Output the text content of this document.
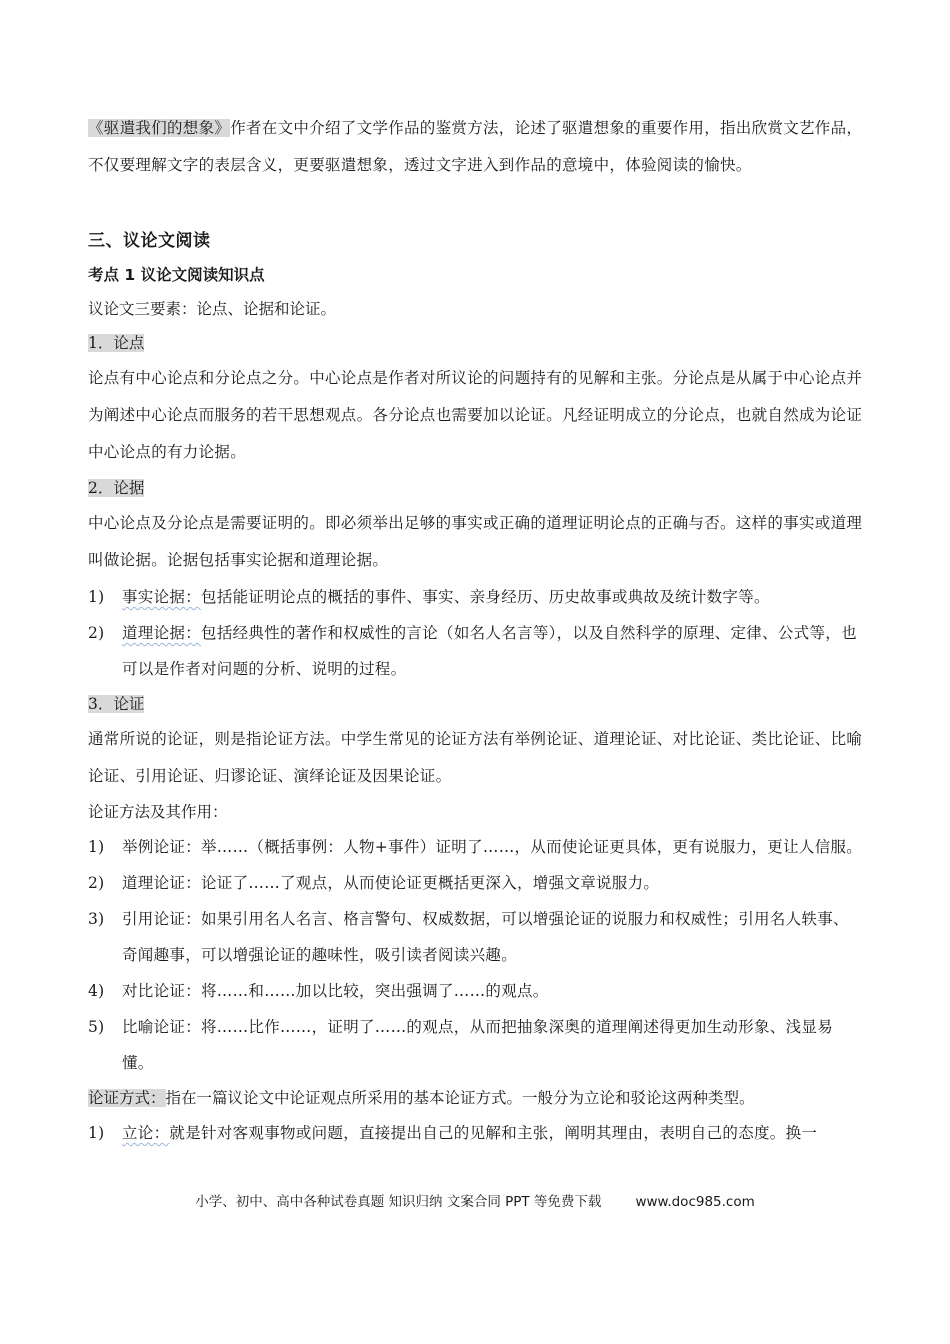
《驱遣我们的想象》作者在文中介绍了文学作品的鉴赏方法，论述了驱遣想象的重要作用，指出欣赏文艺作品，不仅要理解文字的表层含义，更要驱遣想象，透过文字进入到作品的意境中，体验阅读的愉快。

三、议论文阅读

考点 1 议论文阅读知识点

议论文三要素：论点、论据和论证。

1．论点

论点有中心论点和分论点之分。中心论点是作者对所议论的问题持有的见解和主张。分论点是从属于中心论点并为阐述中心论点而服务的若干思想观点。各分论点也需要加以论证。凡经证明成立的分论点，也就自然成为论证中心论点的有力论据。

2．论据

中心论点及分论点是需要证明的。即必须举出足够的事实或正确的道理证明论点的正确与否。这样的事实或道理叫做论据。论据包括事实论据和道理论据。

1)	事实论据：包括能证明论点的概括的事件、事实、亲身经历、历史故事或典故及统计数字等。
2)	道理论据：包括经典性的著作和权威性的言论（如名人名言等），以及自然科学的原理、定律、公式等，也可以是作者对问题的分析、说明的过程。

3．论证

通常所说的论证，则是指论证方法。中学生常见的论证方法有举例论证、道理论证、对比论证、类比论证、比喻论证、引用论证、归谬论证、演绎论证及因果论证。

论证方法及其作用：

1)	举例论证：举……（概括事例：人物+事件）证明了……，从而使论证更具体，更有说服力，更让人信服。
2)	道理论证：论证了……了观点，从而使论证更概括更深入，增强文章说服力。
3)	引用论证：如果引用名人名言、格言警句、权威数据，可以增强论证的说服力和权威性；引用名人轶事、奇闻趣事，可以增强论证的趣味性，吸引读者阅读兴趣。
4)	对比论证：将……和……加以比较，突出强调了……的观点。
5)	比喻论证：将……比作……，证明了……的观点，从而把抽象深奥的道理阐述得更加生动形象、浅显易懂。

论证方式：指在一篇议论文中论证观点所采用的基本论证方式。一般分为立论和驳论这两种类型。

1)	立论：就是针对客观事物或问题，直接提出自己的见解和主张，阐明其理由，表明自己的态度。换一
小学、初中、高中各种试卷真题 知识归纳 文案合同 PPT 等免费下载	www.doc985.com
